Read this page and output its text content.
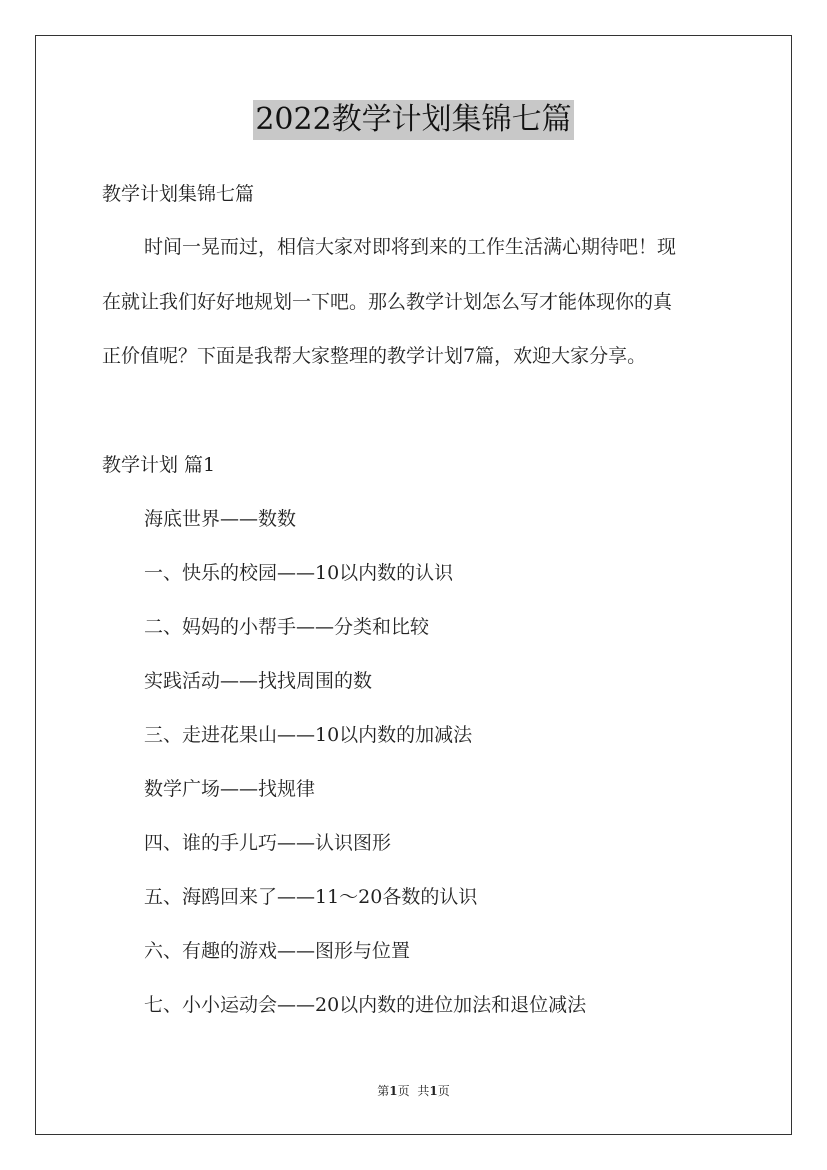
2022教学计划集锦七篇
教学计划集锦七篇
时间一晃而过，相信大家对即将到来的工作生活满心期待吧！现
在就让我们好好地规划一下吧。那么教学计划怎么写才能体现你的真
正价值呢？下面是我帮大家整理的教学计划7篇，欢迎大家分享。
教学计划 篇1
海底世界——数数
一、快乐的校园——10以内数的认识
二、妈妈的小帮手——分类和比较
实践活动——找找周围的数
三、走进花果山——10以内数的加减法
数学广场——找规律
四、谁的手儿巧——认识图形
五、海鸥回来了——11～20各数的认识
六、有趣的游戏——图形与位置
七、小小运动会——20以内数的进位加法和退位减法
第1页 共1页
